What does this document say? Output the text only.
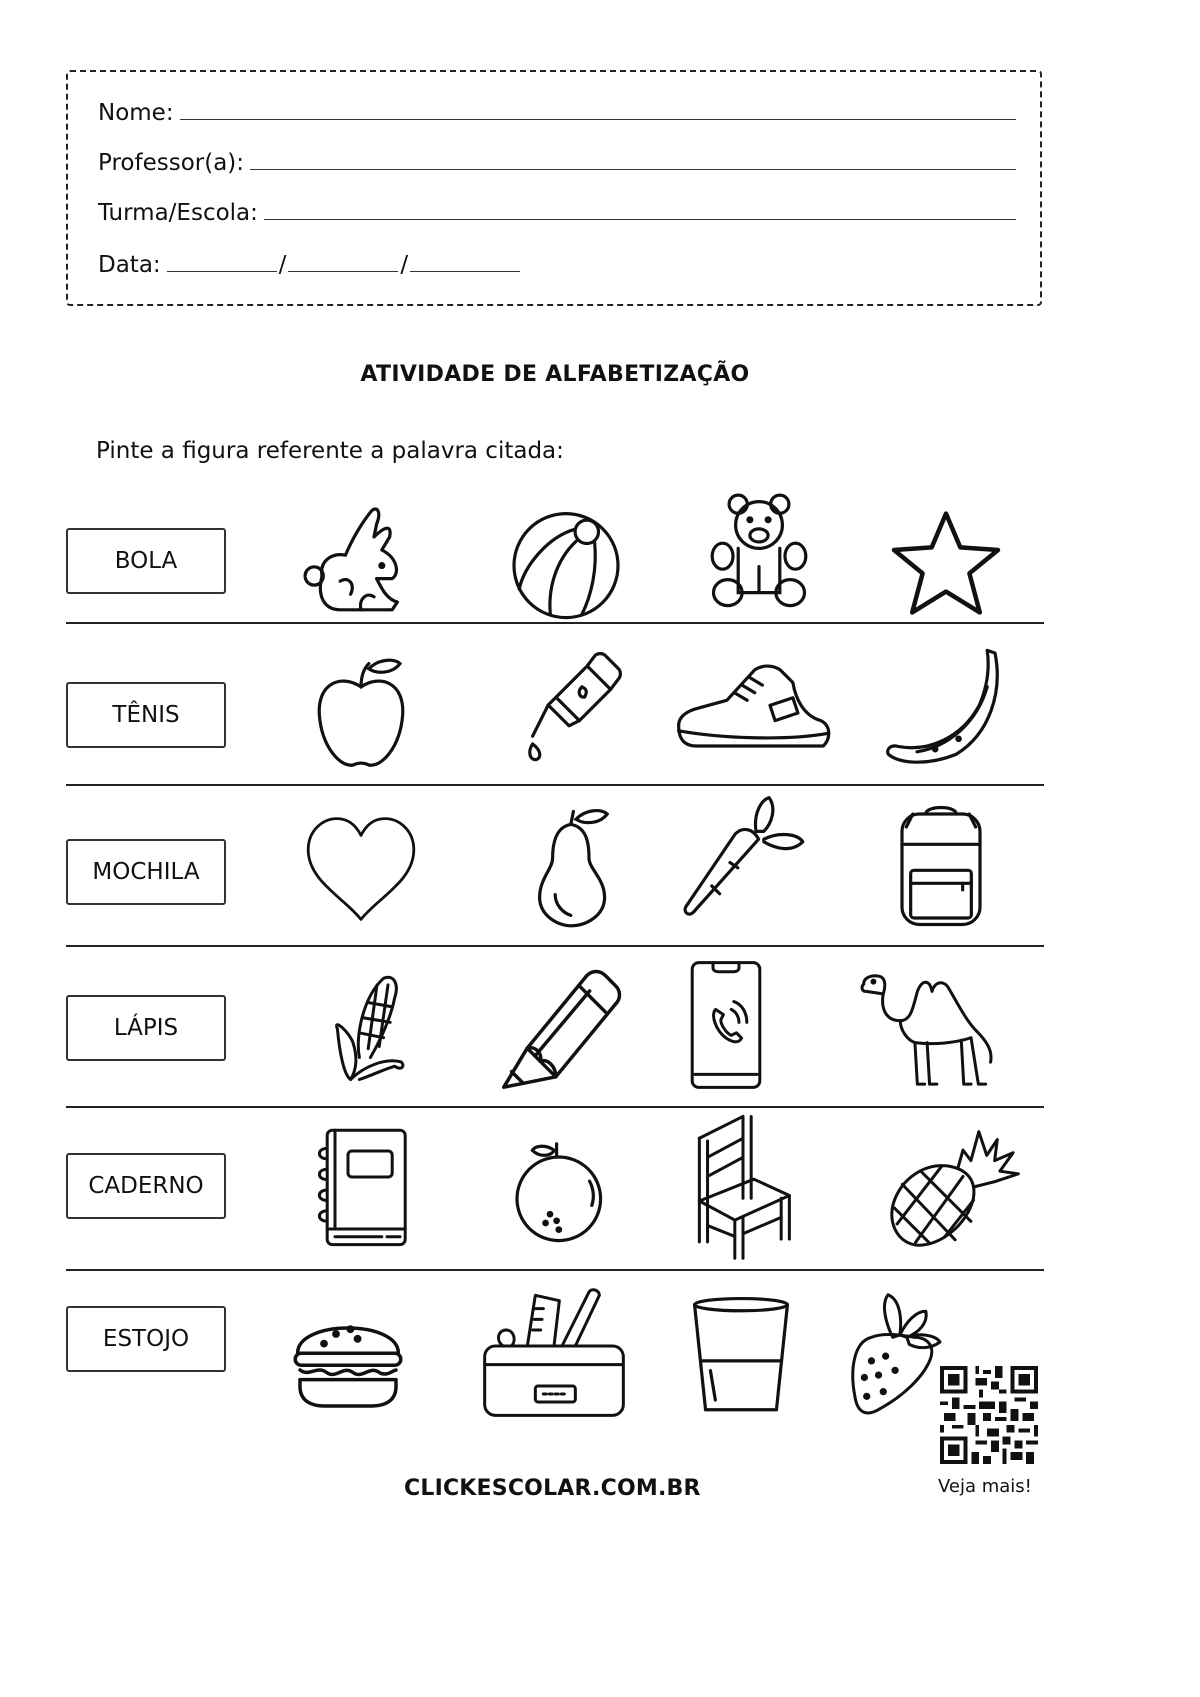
Nome:
Professor(a):
Turma/Escola:
Data:	/	/
ATIVIDADE DE ALFABETIZAÇÃO
Pinte a figura referente a palavra citada:
BOLA
TÊNIS
MOCHILA
LÁPIS
CADERNO
ESTOJO
CLICKESCOLAR.COM.BR	Veja mais!
